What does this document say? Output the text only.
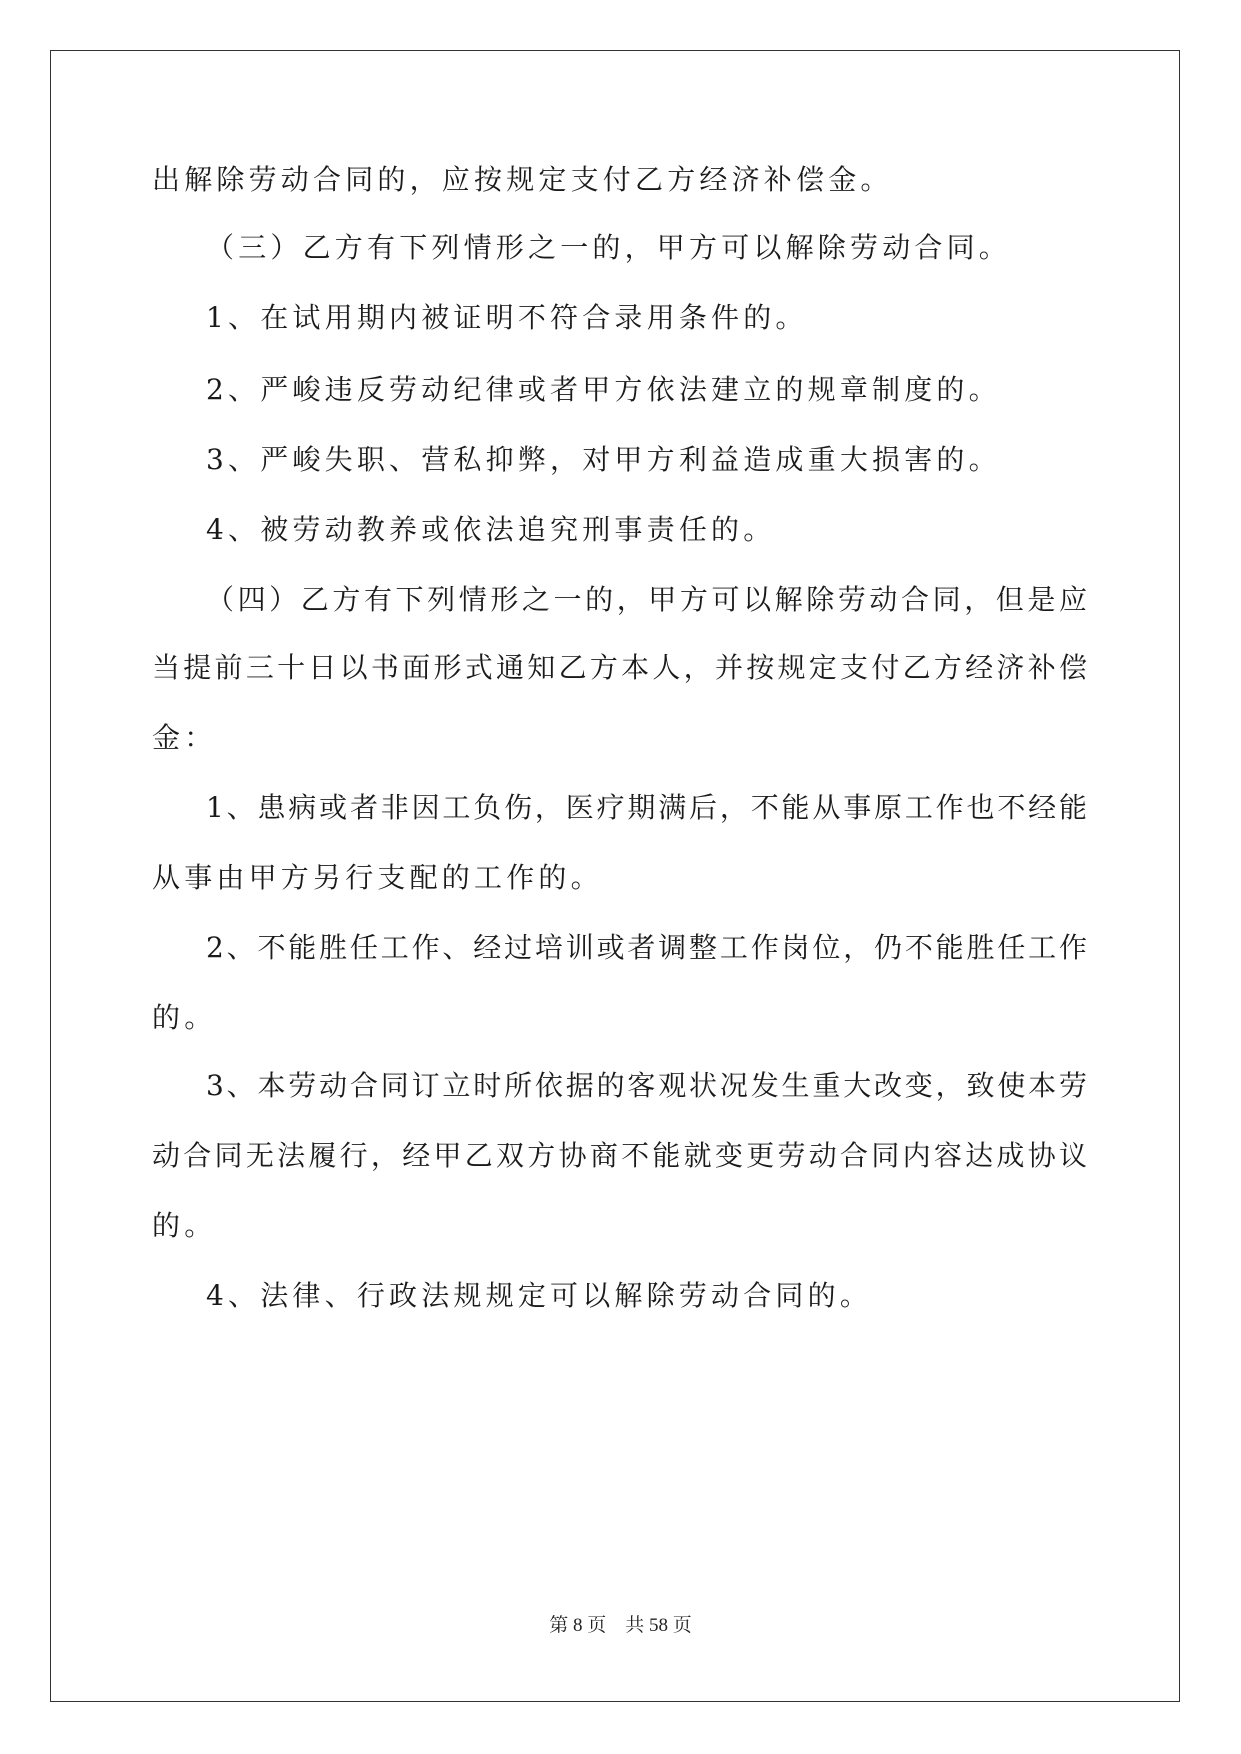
出解除劳动合同的，应按规定支付乙方经济补偿金。
（三）乙方有下列情形之一的，甲方可以解除劳动合同。
1、在试用期内被证明不符合录用条件的。
2、严峻违反劳动纪律或者甲方依法建立的规章制度的。
3、严峻失职、营私抑弊，对甲方利益造成重大损害的。
4、被劳动教养或依法追究刑事责任的。
（四）乙方有下列情形之一的，甲方可以解除劳动合同，但是应
当提前三十日以书面形式通知乙方本人，并按规定支付乙方经济补偿
金：
1、患病或者非因工负伤，医疗期满后，不能从事原工作也不经能
从事由甲方另行支配的工作的。
2、不能胜任工作、经过培训或者调整工作岗位，仍不能胜任工作
的。
3、本劳动合同订立时所依据的客观状况发生重大改变，致使本劳
动合同无法履行，经甲乙双方协商不能就变更劳动合同内容达成协议
的。
4、法律、行政法规规定可以解除劳动合同的。
第 8 页　共 58 页
